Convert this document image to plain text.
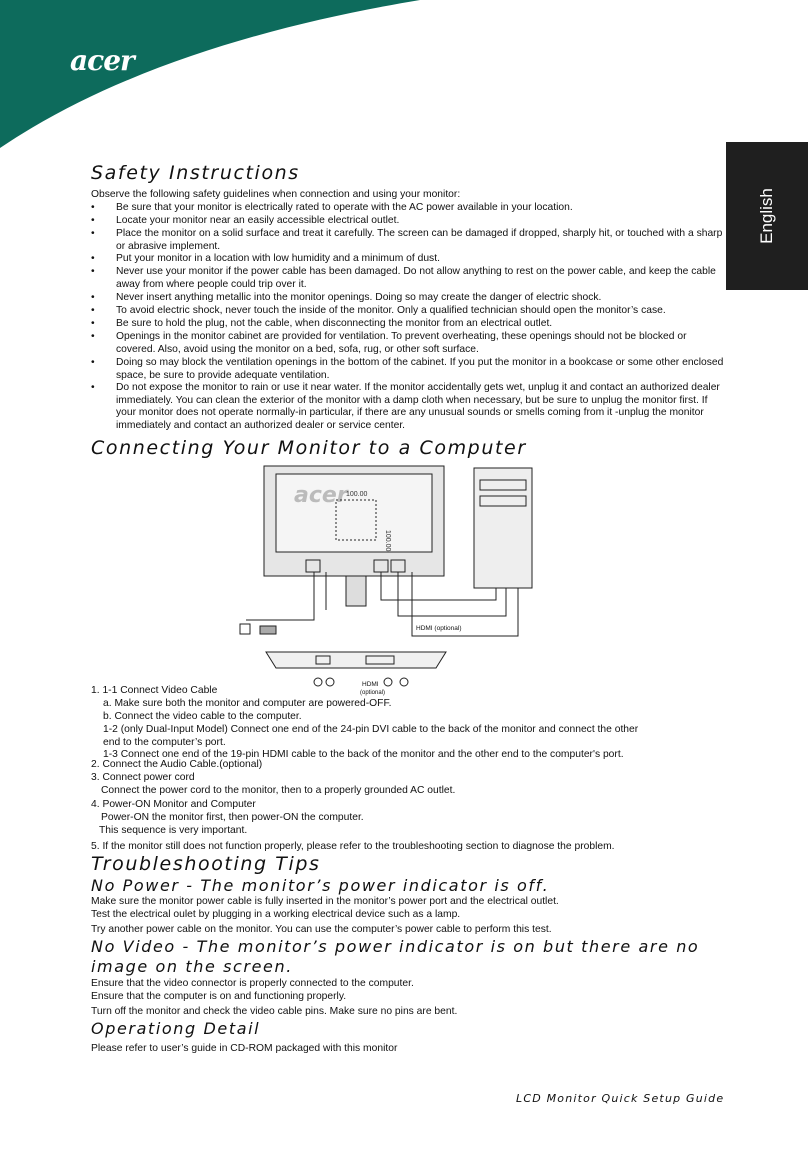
acer
English
Safety Instructions
Observe the following safety guidelines when connection and using your monitor:
• Be sure that your monitor is electrically rated to operate with the AC power available in your location.
• Locate your monitor near an easily accessible electrical outlet.
• Place the monitor on a solid surface and treat it carefully. The screen can be damaged if dropped, sharply hit, or touched with a sharp or abrasive implement.
• Put your monitor in a location with low humidity and a minimum of dust.
• Never use your monitor if the power cable has been damaged. Do not allow anything to rest on the power cable, and keep the cable away from where people could trip over it.
• Never insert anything metallic into the monitor openings. Doing so may create the danger of electric shock.
• To avoid electric shock, never touch the inside of the monitor. Only a qualified technician should open the monitor’s case.
• Be sure to hold the plug, not the cable, when disconnecting the monitor from an electrical outlet.
• Openings in the monitor cabinet are provided for ventilation. To prevent overheating, these openings should not be blocked or covered. Also, avoid using the monitor on a bed, sofa, rug, or other soft surface.
• Doing so may block the ventilation openings in the bottom of the cabinet. If you put the monitor in a bookcase or some other enclosed space, be sure to provide adequate ventilation.
• Do not expose the monitor to rain or use it near water. If the monitor accidentally gets wet, unplug it and contact an authorized dealer immediately. You can clean the exterior of the monitor with a damp cloth when necessary, but be sure to unplug the monitor first. If your monitor does not operate normally-in particular, if there are any unusual sounds or smells coming from it -unplug the monitor immediately and contact an authorized dealer or service center.
Connecting Your Monitor to a Computer
acer
100.00
100.00
HDMI (optional)
HDMI
(optional)
1. 1-1 Connect Video Cable
a. Make sure both the monitor and computer are powered-OFF.
b. Connect the video cable to the computer.
1-2 (only Dual-Input Model) Connect one end of the 24-pin DVI cable to the back of the monitor and connect the other
end to the computer’s port.
1-3 Connect one end of the 19-pin HDMI cable to the back of the monitor and the other end to the computer's port.
2. Connect the Audio Cable.(optional)
3. Connect power cord
Connect the power cord to the monitor, then to a properly grounded AC outlet.
4. Power-ON Monitor and Computer
Power-ON the monitor first, then power-ON the computer.
This sequence is very important.
5. If the monitor still does not function properly, please refer to the troubleshooting section to diagnose the problem.
Troubleshooting Tips
No Power - The monitor’s power indicator is off.
Make sure the monitor power cable is fully inserted in the monitor’s power port and the electrical outlet.
Test the electrical oulet by plugging in a working electrical device such as a lamp.
Try another power cable on the monitor. You can use the computer’s power cable to perform this test.
No Video - The monitor’s power indicator is on but there are no
image on the screen.
Ensure that the video connector is properly connected to the computer.
Ensure that the computer is on and functioning properly.
Turn off the monitor and check the video cable pins. Make sure no pins are bent.
Operationg Detail
Please refer to user’s guide in CD-ROM packaged with this monitor
LCD Monitor Quick Setup Guide
